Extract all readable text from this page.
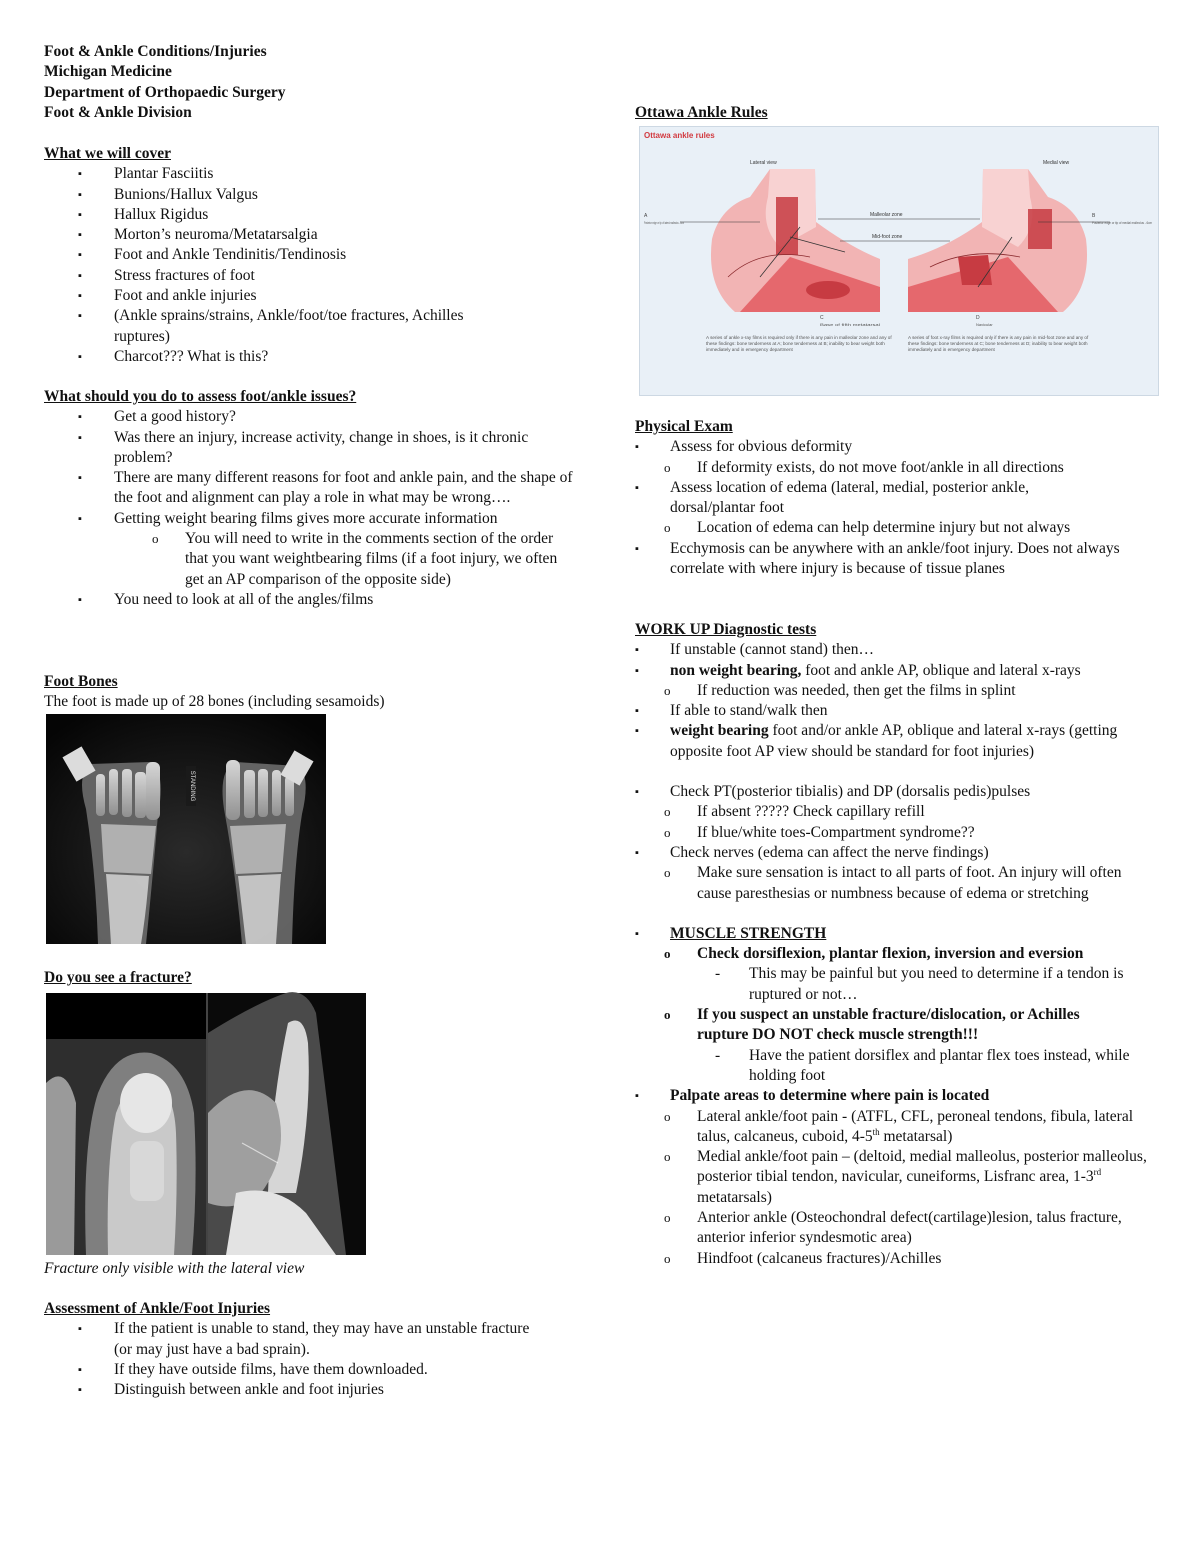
Foot & Ankle Conditions/Injuries
Michigan Medicine
Department of Orthopaedic Surgery
Foot & Ankle Division
What we will cover
▪ Plantar Fasciitis
▪ Bunions/Hallux Valgus
▪ Hallux Rigidus
▪ Morton’s neuroma/Metatarsalgia
▪ Foot and Ankle Tendinitis/Tendinosis
▪ Stress fractures of foot
▪ Foot and ankle injuries
▪ (Ankle sprains/strains, Ankle/foot/toe fractures, Achilles ruptures)
▪ Charcot??? What is this?
What should you do to assess foot/ankle issues?
▪ Get a good history?
▪ Was there an injury, increase activity, change in shoes, is it chronic problem?
▪ There are many different reasons for foot and ankle pain, and the shape of the foot and alignment can play a role in what may be wrong….
▪ Getting weight bearing films gives more accurate information
o You will need to write in the comments section of the order that you want weightbearing films (if a foot injury, we often get an AP comparison of the opposite side)
▪ You need to look at all of the angles/films
Foot Bones
The foot is made up of 28 bones (including sesamoids)
Do you see a fracture?
Fracture only visible with the lateral view
Assessment of Ankle/Foot Injuries
▪ If the patient is unable to stand, they may have an unstable fracture (or may just have a bad sprain).
▪ If they have outside films, have them downloaded.
▪ Distinguish between ankle and foot injuries
STANDING
Ottawa Ankle Rules
Physical Exam
▪ Assess for obvious deformity
o If deformity exists, do not move foot/ankle in all directions
▪ Assess location of edema (lateral, medial, posterior ankle, dorsal/plantar foot
o Location of edema can help determine injury but not always
▪ Ecchymosis can be anywhere with an ankle/foot injury. Does not always correlate with where injury is because of tissue planes
WORK UP Diagnostic tests
▪ If unstable (cannot stand) then…
▪ non weight bearing, foot and ankle AP, oblique and lateral x-rays
o If reduction was needed, then get the films in splint
▪ If able to stand/walk then
▪ weight bearing foot and/or ankle AP, oblique and lateral x-rays (getting opposite foot AP view should be standard for foot injuries)
▪ Check PT(posterior tibialis) and DP (dorsalis pedis)pulses
o If absent ????? Check capillary refill
o If blue/white toes-Compartment syndrome??
▪ Check nerves (edema can affect the nerve findings)
o Make sure sensation is intact to all parts of foot. An injury will often cause paresthesias or numbness because of edema or stretching
▪ MUSCLE STRENGTH
o Check dorsiflexion, plantar flexion, inversion and eversion
- This may be painful but you need to determine if a tendon is ruptured or not…
o If you suspect an unstable fracture/dislocation, or Achilles rupture DO NOT check muscle strength!!!
- Have the patient dorsiflex and plantar flex toes instead, while holding foot
▪ Palpate areas to determine where pain is located
o Lateral ankle/foot pain - (ATFL, CFL, peroneal tendons, fibula, lateral talus, calcaneus, cuboid, 4-5th metatarsal)
o Medial ankle/foot pain – (deltoid, medial malleolus, posterior malleolus, posterior tibial tendon, navicular, cuneiforms, Lisfranc area, 1-3rd metatarsals)
o Anterior ankle (Osteochondral defect(cartilage)lesion, talus fracture, anterior inferior syndesmotic area)
o Hindfoot (calcaneus fractures)/Achilles
Ottawa ankle rules
Lateral view	Medial view
A
Posterior edge or tip of lateral malleolus - 6cm
B
Posterior edge or tip of medial malleolus - 6cm
Malleolar zone
Mid-foot zone
C
Base of fifth metatarsal
D
Navicular
A series of ankle x-ray films is required only if there is any pain in malleolar zone and any of these findings: bone tenderness at A; bone tenderness at B; inability to bear weight both immediately and in emergency department
A series of foot x-ray films is required only if there is any pain in mid-foot zone and any of these findings: bone tenderness at C; bone tenderness at D; inability to bear weight both immediately and in emergency department
